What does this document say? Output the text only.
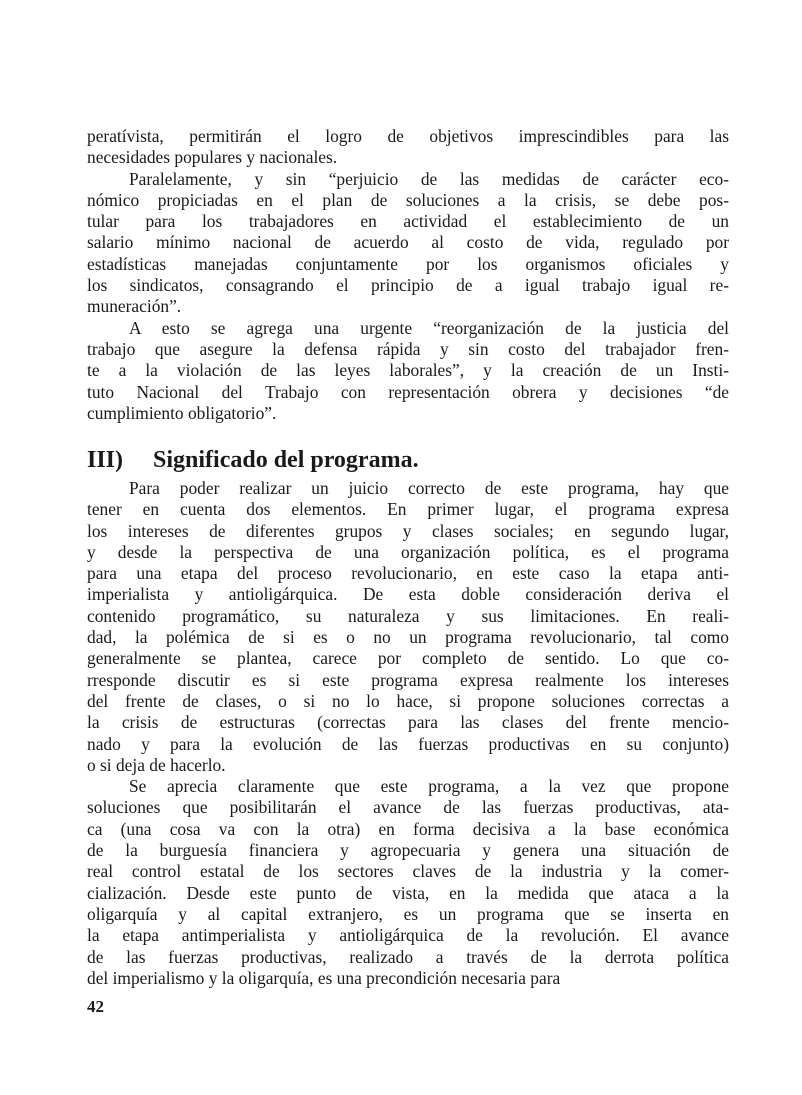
peratívista, permitirán el logro de objetivos imprescindibles para las
necesidades populares y nacionales.
Paralelamente, y sin “perjuicio de las medidas de carácter eco-
nómico propiciadas en el plan de soluciones a la crisis, se debe pos-
tular para los trabajadores en actividad el establecimiento de un
salario mínimo nacional de acuerdo al costo de vida, regulado por
estadísticas manejadas conjuntamente por los organismos oficiales y
los sindicatos, consagrando el principio de a igual trabajo igual re-
muneración”.
A esto se agrega una urgente “reorganización de la justicia del
trabajo que asegure la defensa rápida y sin costo del trabajador fren-
te a la violación de las leyes laborales”, y la creación de un Insti-
tuto Nacional del Trabajo con representación obrera y decisiones “de
cumplimiento obligatorio”.
III) Significado del programa.
Para poder realizar un juicio correcto de este programa, hay que
tener en cuenta dos elementos. En primer lugar, el programa expresa
los intereses de diferentes grupos y clases sociales; en segundo lugar,
y desde la perspectiva de una organización política, es el programa
para una etapa del proceso revolucionario, en este caso la etapa anti-
imperialista y antioligárquica. De esta doble consideración deriva el
contenido programático, su naturaleza y sus limitaciones. En reali-
dad, la polémica de si es o no un programa revolucionario, tal como
generalmente se plantea, carece por completo de sentido. Lo que co-
rresponde discutir es si este programa expresa realmente los intereses
del frente de clases, o si no lo hace, si propone soluciones correctas a
la crisis de estructuras (correctas para las clases del frente mencio-
nado y para la evolución de las fuerzas productivas en su conjunto)
o si deja de hacerlo.
Se aprecia claramente que este programa, a la vez que propone
soluciones que posibilitarán el avance de las fuerzas productivas, ata-
ca (una cosa va con la otra) en forma decisiva a la base económica
de la burguesía financiera y agropecuaria y genera una situación de
real control estatal de los sectores claves de la industria y la comer-
cialización. Desde este punto de vista, en la medida que ataca a la
oligarquía y al capital extranjero, es un programa que se inserta en
la etapa antimperialista y antioligárquica de la revolución. El avance
de las fuerzas productivas, realizado a través de la derrota política
del imperialismo y la oligarquía, es una precondición necesaria para
42
